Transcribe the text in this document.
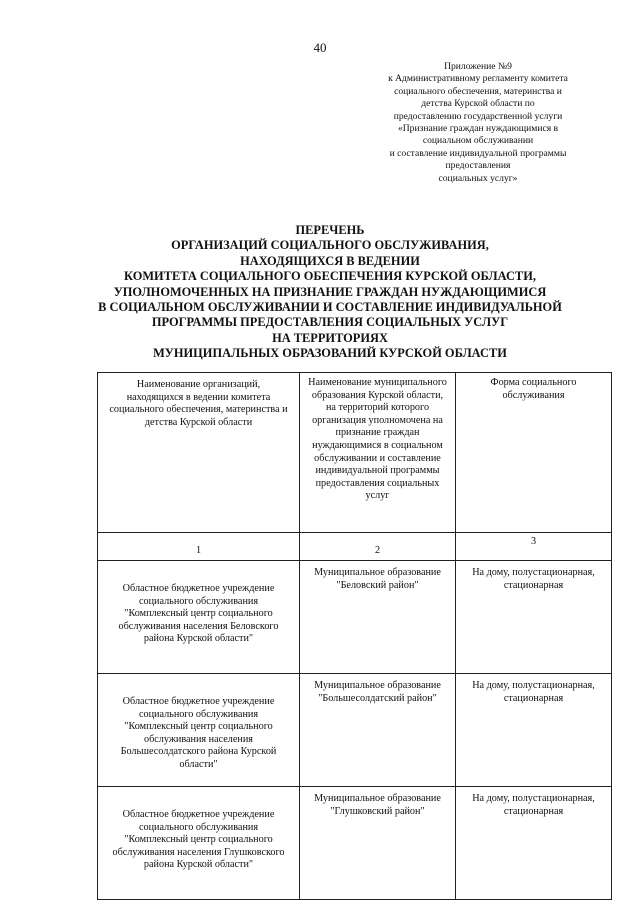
40
Приложение №9
к Административному регламенту комитета
социального обеспечения, материнства и
детства Курской области по
предоставлению государственной услуги
«Признание граждан нуждающимися в
социальном обслуживании
и составление индивидуальной программы
предоставления
социальных услуг»
ПЕРЕЧЕНЬ
ОРГАНИЗАЦИЙ СОЦИАЛЬНОГО ОБСЛУЖИВАНИЯ,
НАХОДЯЩИХСЯ В ВЕДЕНИИ
КОМИТЕТА СОЦИАЛЬНОГО ОБЕСПЕЧЕНИЯ КУРСКОЙ ОБЛАСТИ,
УПОЛНОМОЧЕННЫХ НА ПРИЗНАНИЕ ГРАЖДАН НУЖДАЮЩИМИСЯ
В СОЦИАЛЬНОМ ОБСЛУЖИВАНИИ И СОСТАВЛЕНИЕ ИНДИВИДУАЛЬНОЙ
ПРОГРАММЫ ПРЕДОСТАВЛЕНИЯ СОЦИАЛЬНЫХ УСЛУГ
НА ТЕРРИТОРИЯХ
МУНИЦИПАЛЬНЫХ ОБРАЗОВАНИЙ КУРСКОЙ ОБЛАСТИ
Наименование организаций, находящихся в ведении комитета социального обеспечения, материнства и детства Курской области	Наименование муниципального образования Курской области, на территорий которого организация уполномочена на признание граждан нуждающимися в социальном обслуживании и составление индивидуальной программы предоставления социальных услуг	Форма социального обслуживания
1	2	3
Областное бюджетное учреждение социального обслуживания "Комплексный центр социального обслуживания населения Беловского района Курской области"	Муниципальное образование "Беловский район"	На дому, полустационарная, стационарная
Областное бюджетное учреждение социального обслуживания "Комплексный центр социального обслуживания населения Большесолдатского района Курской области"	Муниципальное образование "Большесолдатский район"	На дому, полустационарная, стационарная
Областное бюджетное учреждение социального обслуживания "Комплексный центр социального обслуживания населения Глушковского района Курской области"	Муниципальное образование "Глушковский район"	На дому, полустационарная, стационарная
